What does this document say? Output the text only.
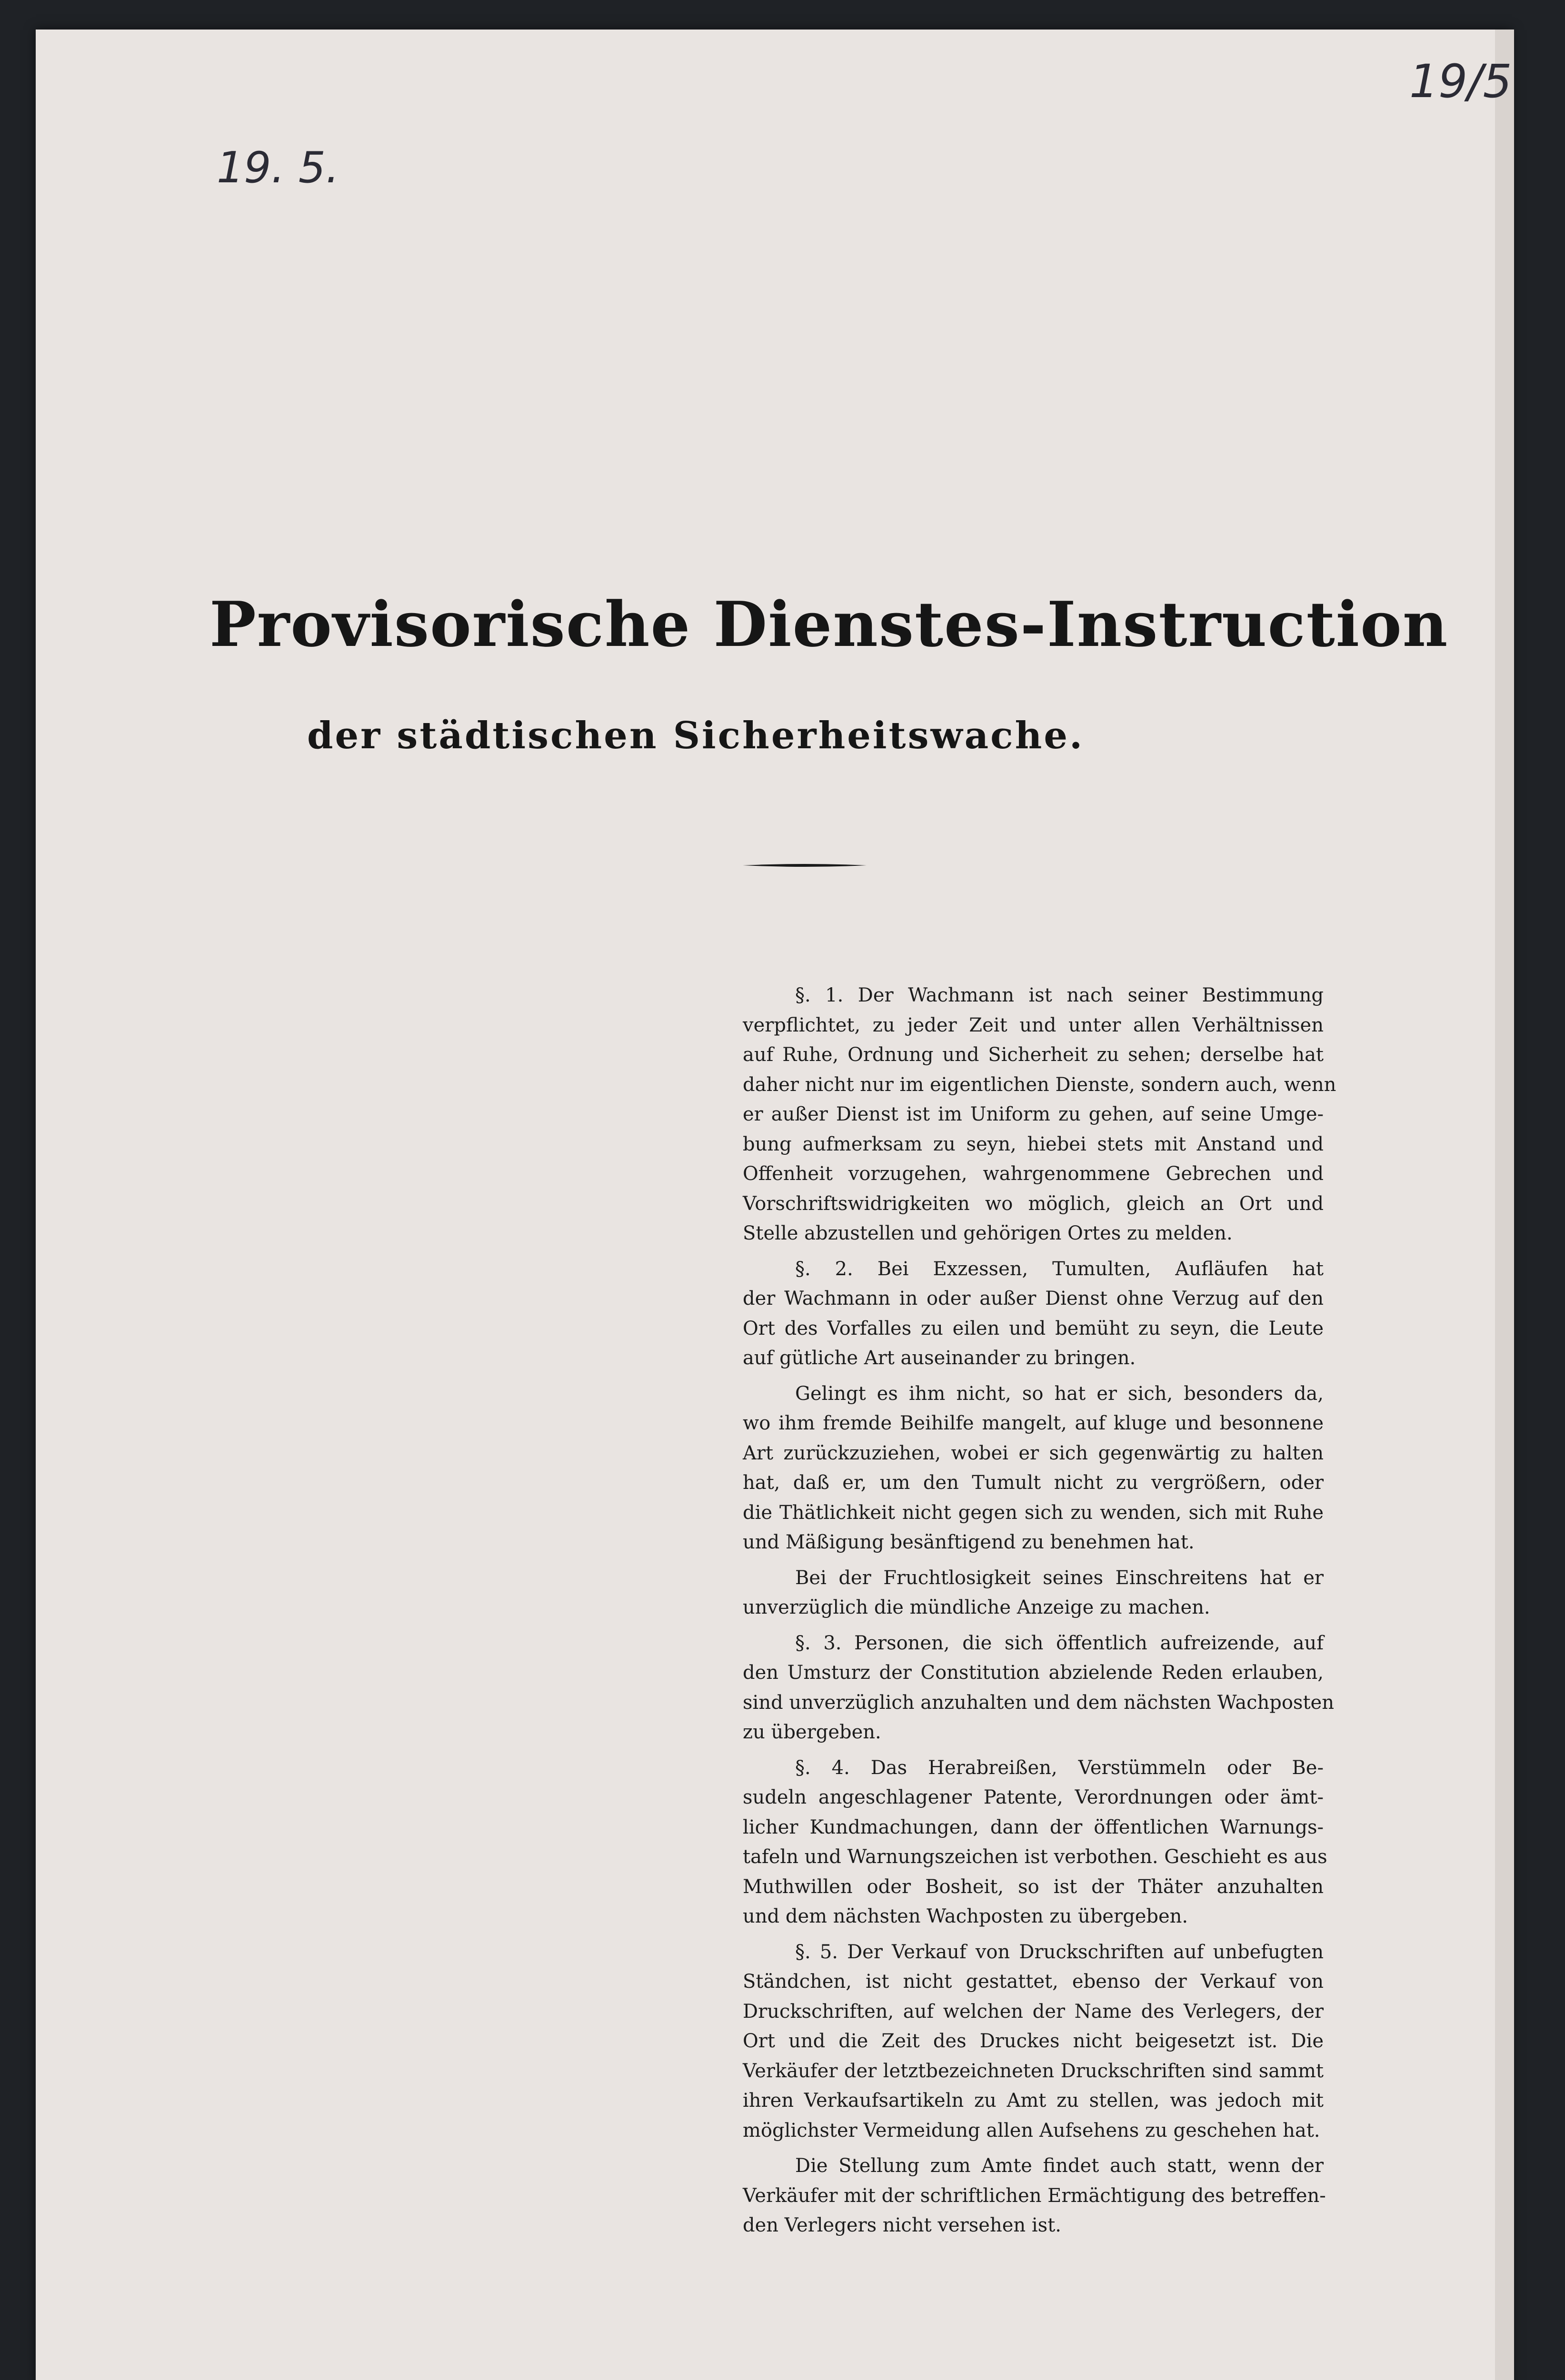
19. 5.
19/5
Provisorische Dienstes-Instruction
der städtischen Sicherheitswache.
§. 1. Der Wachmann ist nach seiner Bestimmung
verpflichtet, zu jeder Zeit und unter allen Verhältnissen
auf Ruhe, Ordnung und Sicherheit zu sehen; derselbe hat
daher nicht nur im eigentlichen Dienste, sondern auch, wenn
er außer Dienst ist im Uniform zu gehen, auf seine Umge-
bung aufmerksam zu seyn, hiebei stets mit Anstand und
Offenheit vorzugehen, wahrgenommene Gebrechen und
Vorschriftswidrigkeiten wo möglich, gleich an Ort und
Stelle abzustellen und gehörigen Ortes zu melden.
§. 2. Bei Exzessen, Tumulten, Aufläufen hat
der Wachmann in oder außer Dienst ohne Verzug auf den
Ort des Vorfalles zu eilen und bemüht zu seyn, die Leute
auf gütliche Art auseinander zu bringen.
Gelingt es ihm nicht, so hat er sich, besonders da,
wo ihm fremde Beihilfe mangelt, auf kluge und besonnene
Art zurückzuziehen, wobei er sich gegenwärtig zu halten
hat, daß er, um den Tumult nicht zu vergrößern, oder
die Thätlichkeit nicht gegen sich zu wenden, sich mit Ruhe
und Mäßigung besänftigend zu benehmen hat.
Bei der Fruchtlosigkeit seines Einschreitens hat er
unverzüglich die mündliche Anzeige zu machen.
§. 3. Personen, die sich öffentlich aufreizende, auf
den Umsturz der Constitution abzielende Reden erlauben,
sind unverzüglich anzuhalten und dem nächsten Wachposten
zu übergeben.
§. 4. Das Herabreißen, Verstümmeln oder Be-
sudeln angeschlagener Patente, Verordnungen oder ämt-
licher Kundmachungen, dann der öffentlichen Warnungs-
tafeln und Warnungszeichen ist verbothen. Geschieht es aus
Muthwillen oder Bosheit, so ist der Thäter anzuhalten
und dem nächsten Wachposten zu übergeben.
§. 5. Der Verkauf von Druckschriften auf unbefugten
Ständchen, ist nicht gestattet, ebenso der Verkauf von
Druckschriften, auf welchen der Name des Verlegers, der
Ort und die Zeit des Druckes nicht beigesetzt ist. Die
Verkäufer der letztbezeichneten Druckschriften sind sammt
ihren Verkaufsartikeln zu Amt zu stellen, was jedoch mit
möglichster Vermeidung allen Aufsehens zu geschehen hat.
Die Stellung zum Amte findet auch statt, wenn der
Verkäufer mit der schriftlichen Ermächtigung des betreffen-
den Verlegers nicht versehen ist.
